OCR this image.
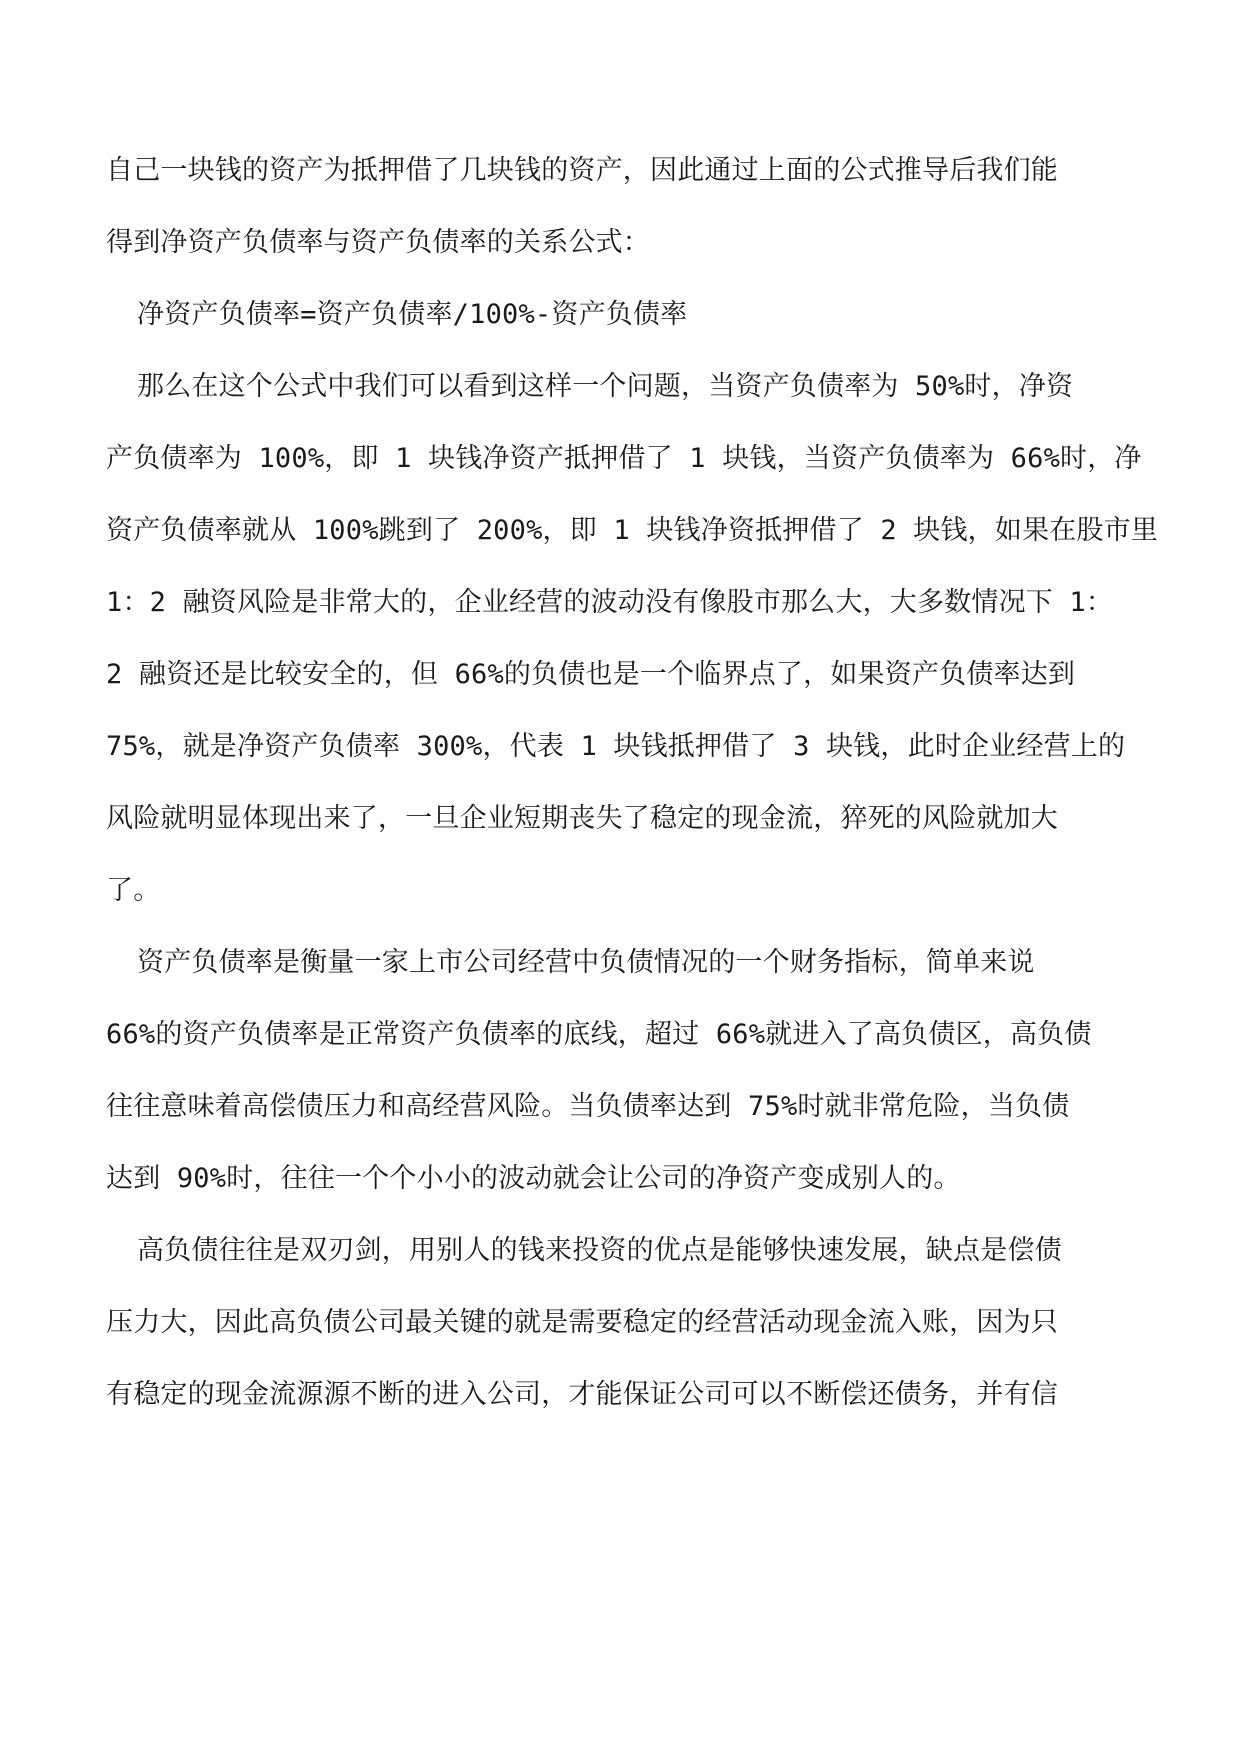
自己一块钱的资产为抵押借了几块钱的资产，因此通过上面的公式推导后我们能
得到净资产负债率与资产负债率的关系公式：
净资产负债率=资产负债率/100%-资产负债率
那么在这个公式中我们可以看到这样一个问题，当资产负债率为 50%时，净资
产负债率为 100%，即 1 块钱净资产抵押借了 1 块钱，当资产负债率为 66%时，净
资产负债率就从 100%跳到了 200%，即 1 块钱净资抵押借了 2 块钱，如果在股市里
1：2 融资风险是非常大的，企业经营的波动没有像股市那么大，大多数情况下 1：
2 融资还是比较安全的，但 66%的负债也是一个临界点了，如果资产负债率达到
75%，就是净资产负债率 300%，代表 1 块钱抵押借了 3 块钱，此时企业经营上的
风险就明显体现出来了，一旦企业短期丧失了稳定的现金流，猝死的风险就加大
了。
资产负债率是衡量一家上市公司经营中负债情况的一个财务指标，简单来说
66%的资产负债率是正常资产负债率的底线，超过 66%就进入了高负债区，高负债
往往意味着高偿债压力和高经营风险。当负债率达到 75%时就非常危险，当负债
达到 90%时，往往一个个小小的波动就会让公司的净资产变成别人的。
高负债往往是双刃剑，用别人的钱来投资的优点是能够快速发展，缺点是偿债
压力大，因此高负债公司最关键的就是需要稳定的经营活动现金流入账，因为只
有稳定的现金流源源不断的进入公司，才能保证公司可以不断偿还债务，并有信
